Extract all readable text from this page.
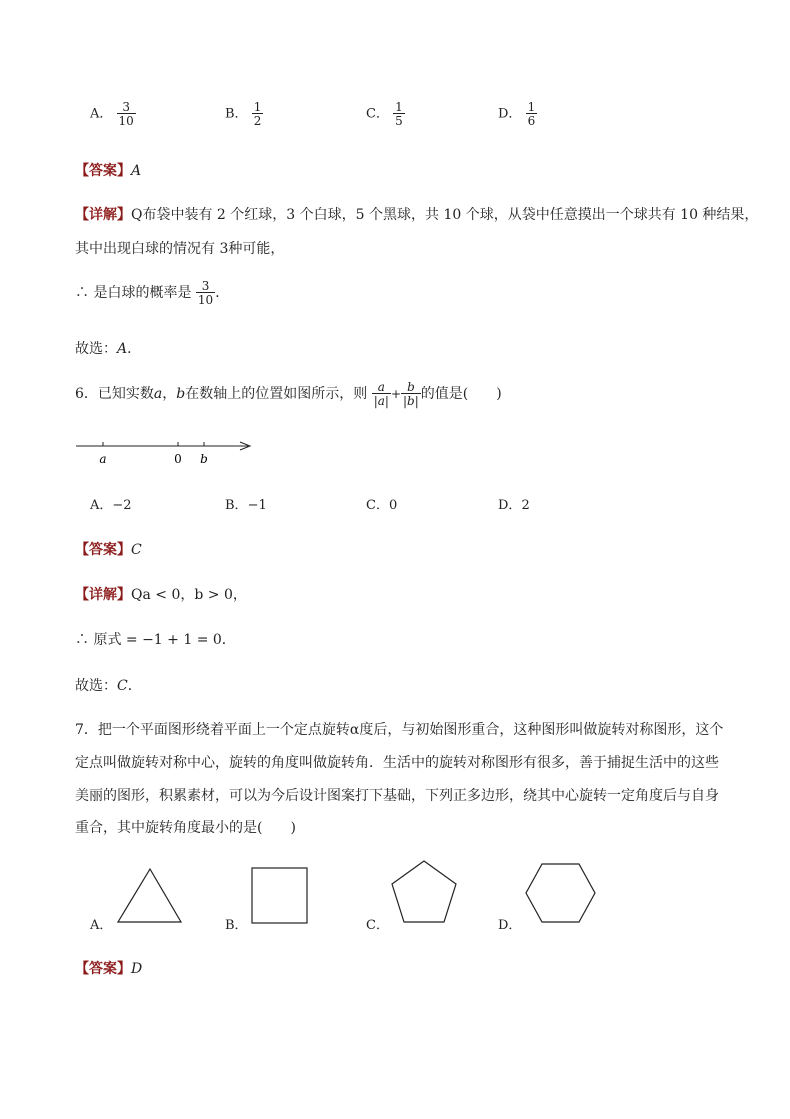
A． $\frac{3}{10}$	B． $\frac{1}{2}$	C． $\frac{1}{5}$	D． $\frac{1}{6}$
【答案】A
【详解】Q布袋中装有 2 个红球，3 个白球，5 个黑球，共 10 个球，从袋中任意摸出一个球共有 10 种结果，
其中出现白球的情况有 3种可能，
∴ 是白球的概率是 $\frac{3}{10}$ ．
故选：A．
6．已知实数a，b在数轴上的位置如图所示，则 $\frac{a}{|a|} + \frac{b}{|b|}$ 的值是(　　)
a	0 b
A．−2	B．−1	C．0	D．2
【答案】C
【详解】Qa < 0，b > 0，
∴ 原式 = −1 + 1 = 0．
故选：C．
7．把一个平面图形绕着平面上一个定点旋转α度后，与初始图形重合，这种图形叫做旋转对称图形，这个
定点叫做旋转对称中心，旋转的角度叫做旋转角．生活中的旋转对称图形有很多，善于捕捉生活中的这些
美丽的图形，积累素材，可以为今后设计图案打下基础，下列正多边形，绕其中心旋转一定角度后与自身
重合，其中旋转角度最小的是(　　)
A．	B．	C．	D．
【答案】D
